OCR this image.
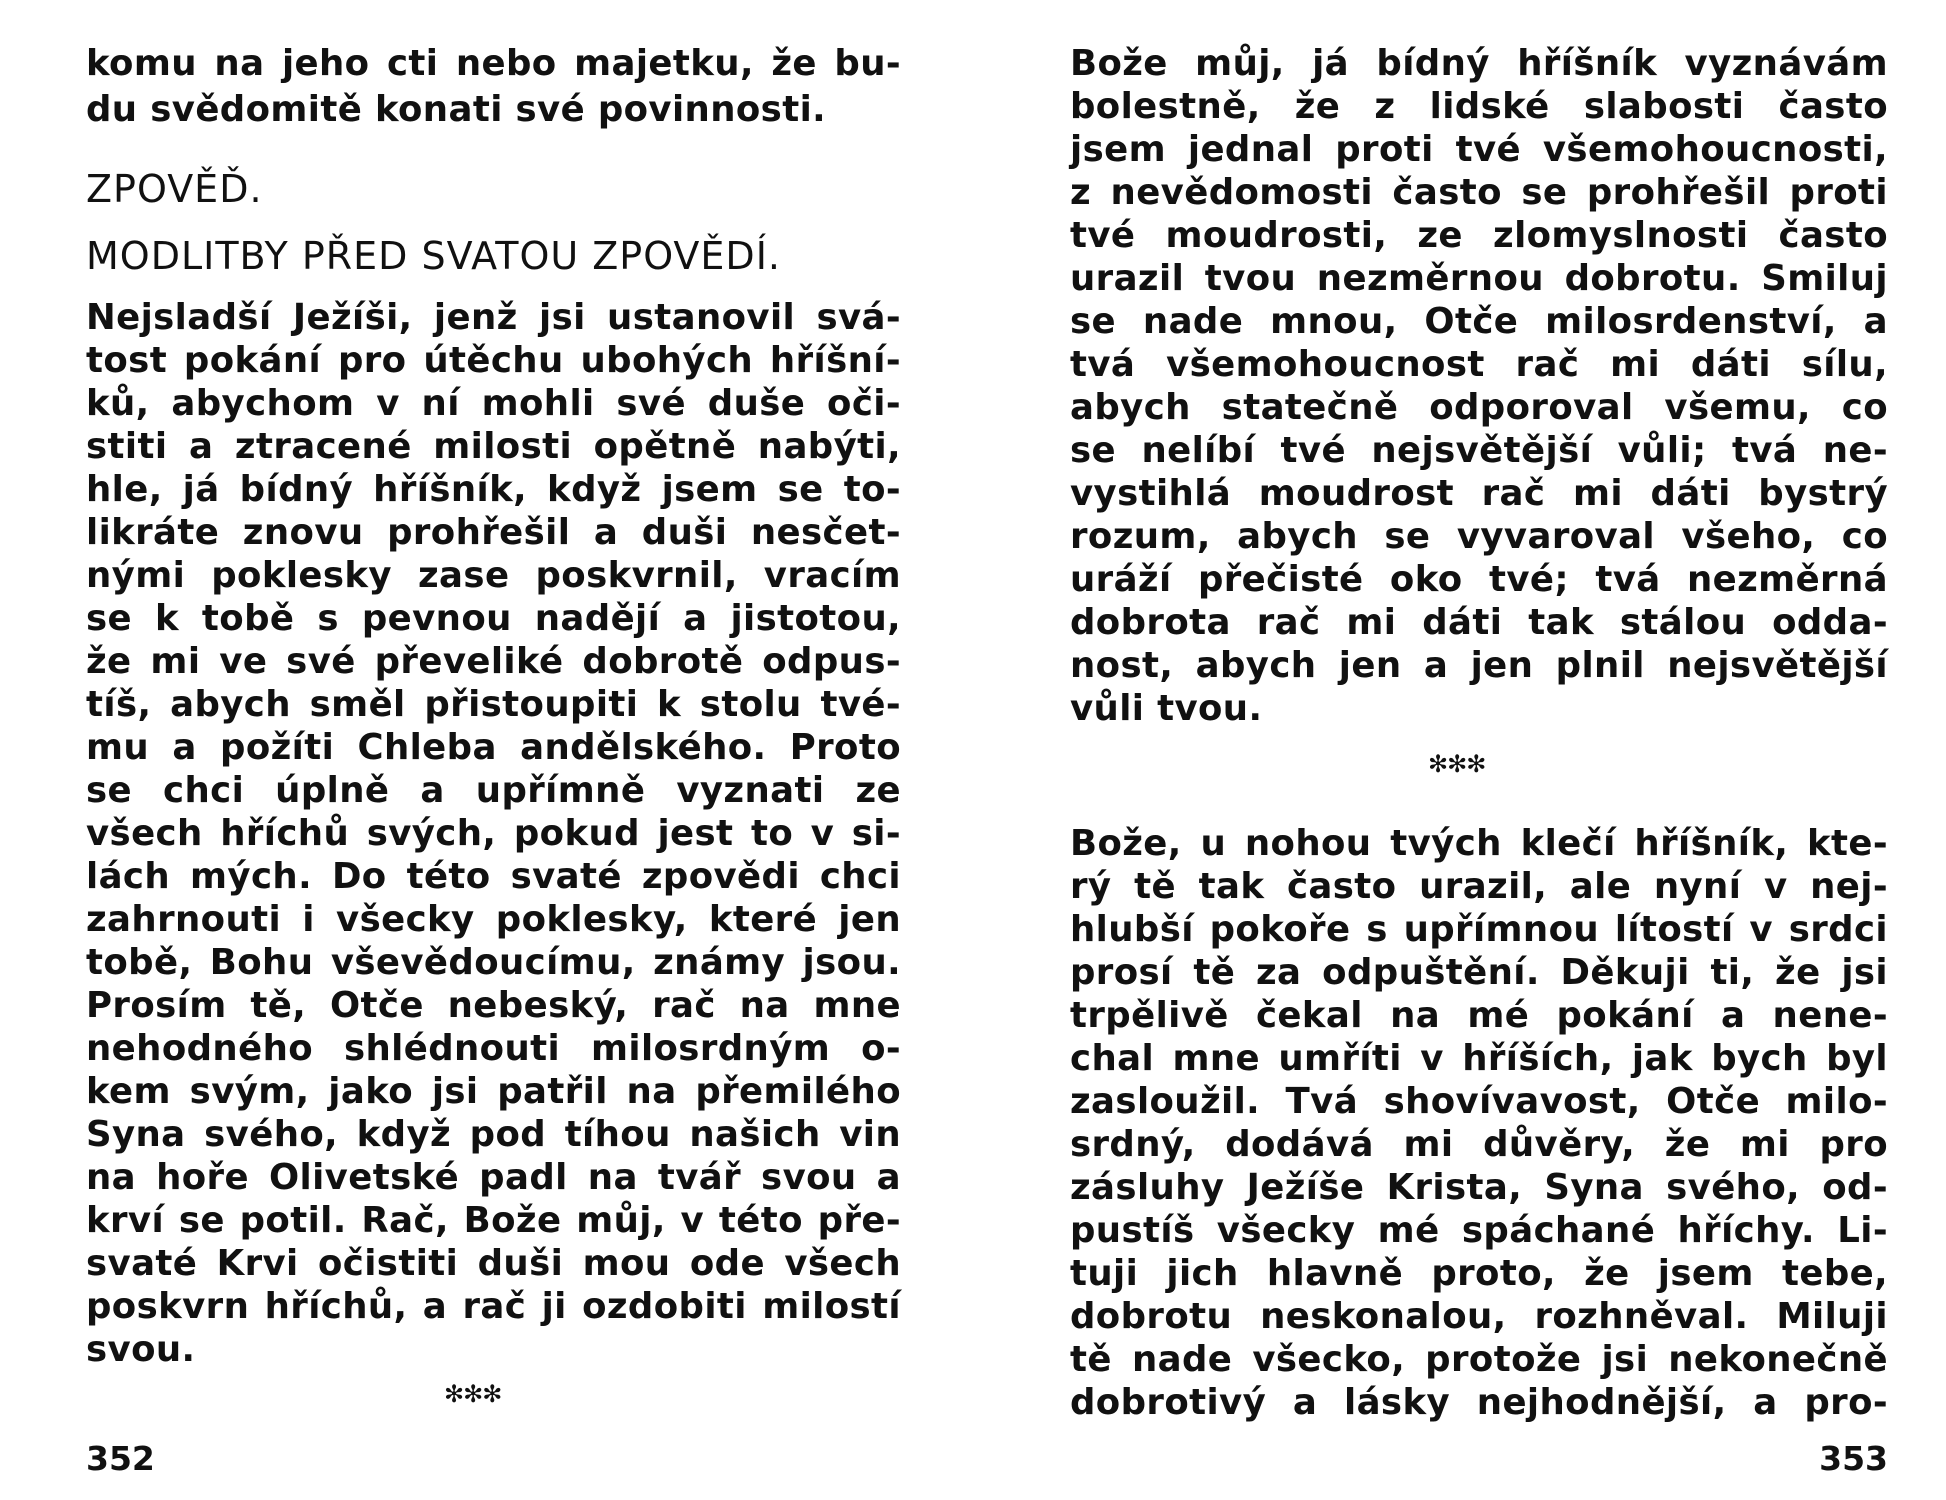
komu na jeho cti nebo majetku, že bu-
du svědomitě konati své povinnosti.
ZPOVĚĎ.
MODLITBY PŘED SVATOU ZPOVĚDÍ.
Nejsladší Ježíši, jenž jsi ustanovil svá-
tost pokání pro útěchu ubohých hříšní-
ků, abychom v ní mohli své duše oči-
stiti a ztracené milosti opětně nabýti,
hle, já bídný hříšník, když jsem se to-
likráte znovu prohřešil a duši nesčet-
nými poklesky zase poskvrnil, vracím
se k tobě s pevnou nadějí a jistotou,
že mi ve své převeliké dobrotě odpus-
tíš, abych směl přistoupiti k stolu tvé-
mu a požíti Chleba andělského. Proto
se chci úplně a upřímně vyznati ze
všech hříchů svých, pokud jest to v si-
lách mých. Do této svaté zpovědi chci
zahrnouti i všecky poklesky, které jen
tobě, Bohu vševědoucímu, známy jsou.
Prosím tě, Otče nebeský, rač na mne
nehodného shlédnouti milosrdným o-
kem svým, jako jsi patřil na přemilého
Syna svého, když pod tíhou našich vin
na hoře Olivetské padl na tvář svou a
krví se potil. Rač, Bože můj, v této pře-
svaté Krvi očistiti duši mou ode všech
poskvrn hříchů, a rač ji ozdobiti milostí
svou.
✻✻✻
352
Bože můj, já bídný hříšník vyznávám
bolestně, že z lidské slabosti často
jsem jednal proti tvé všemohoucnosti,
z nevědomosti často se prohřešil proti
tvé moudrosti, ze zlomyslnosti často
urazil tvou nezměrnou dobrotu. Smiluj
se nade mnou, Otče milosrdenství, a
tvá všemohoucnost rač mi dáti sílu,
abych statečně odporoval všemu, co
se nelíbí tvé nejsvětější vůli; tvá ne-
vystihlá moudrost rač mi dáti bystrý
rozum, abych se vyvaroval všeho, co
uráží přečisté oko tvé; tvá nezměrná
dobrota rač mi dáti tak stálou odda-
nost, abych jen a jen plnil nejsvětější
vůli tvou.
✻✻✻
Bože, u nohou tvých klečí hříšník, kte-
rý tě tak často urazil, ale nyní v nej-
hlubší pokoře s upřímnou lítostí v srdci
prosí tě za odpuštění. Děkuji ti, že jsi
trpělivě čekal na mé pokání a nene-
chal mne umříti v hříších, jak bych byl
zasloužil. Tvá shovívavost, Otče milo-
srdný, dodává mi důvěry, že mi pro
zásluhy Ježíše Krista, Syna svého, od-
pustíš všecky mé spáchané hříchy. Li-
tuji jich hlavně proto, že jsem tebe,
dobrotu neskonalou, rozhněval. Miluji
tě nade všecko, protože jsi nekonečně
dobrotivý a lásky nejhodnější, a pro-
353
